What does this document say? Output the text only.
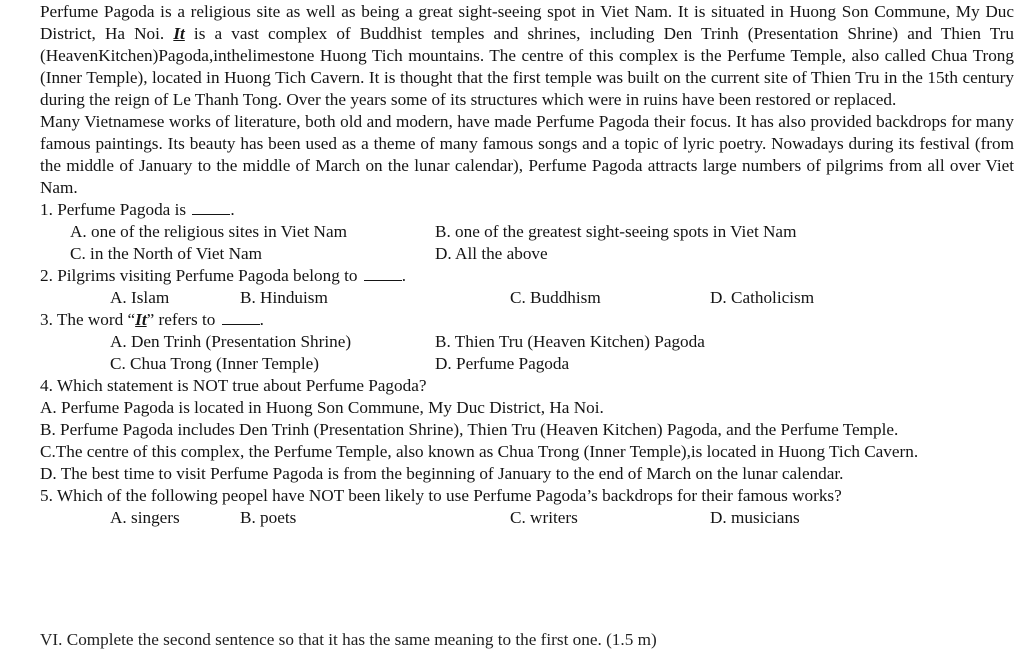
Perfume Pagoda is a religious site as well as being a great sight-seeing spot in Viet Nam. It is situated in Huong Son Commune, My Duc District, Ha Noi. It is a vast complex of Buddhist temples and shrines, including Den Trinh (Presentation Shrine) and Thien Tru (HeavenKitchen)Pagoda,inthelimestone Huong Tich mountains. The centre of this complex is the Perfume Temple, also called Chua Trong (Inner Temple), located in Huong Tich Cavern. It is thought that the first temple was built on the current site of Thien Tru in the 15th century during the reign of Le Thanh Tong. Over the years some of its structures which were in ruins have been restored or replaced.

Many Vietnamese works of literature, both old and modern, have made Perfume Pagoda their focus. It has also provided backdrops for many famous paintings. Its beauty has been used as a theme of many famous songs and a topic of lyric poetry. Nowadays during its festival (from the middle of January to the middle of March on the lunar calendar), Perfume Pagoda attracts large numbers of pilgrims from all over Viet Nam.

1. Perfume Pagoda is	.

A. one of the religious sites in Viet Nam	B. one of the greatest sight-seeing spots in Viet Nam
C. in the North of Viet Nam	D. All the above

2. Pilgrims visiting Perfume Pagoda belong to	.

A. Islam	B. Hinduism	C. Buddhism	D. Catholicism

3. The word “It” refers to	.

A. Den Trinh (Presentation Shrine)	B. Thien Tru (Heaven Kitchen) Pagoda
C. Chua Trong (Inner Temple)	D. Perfume Pagoda

4. Which statement is NOT true about Perfume Pagoda?

A. Perfume Pagoda is located in Huong Son Commune, My Duc District, Ha Noi.

B. Perfume Pagoda includes Den Trinh (Presentation Shrine), Thien Tru (Heaven Kitchen) Pagoda, and the Perfume Temple.

C.The centre of this complex, the Perfume Temple, also known as Chua Trong (Inner Temple),is located in Huong Tich Cavern.

D. The best time to visit Perfume Pagoda is from the beginning of January to the end of March on the lunar calendar.

5. Which of the following peopel have NOT been likely to use Perfume Pagoda’s backdrops for their famous works?

A. singers	B. poets	C. writers	D. musicians
VI. Complete the second sentence so that it has the same meaning to the first one. (1.5 m)
